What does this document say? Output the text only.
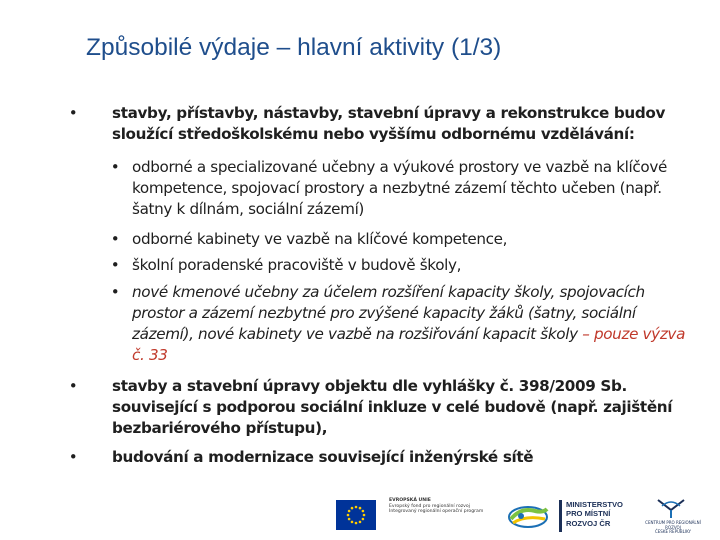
Způsobilé výdaje – hlavní aktivity (1/3)
•	stavby, přístavby, nástavby, stavební úpravy a rekonstrukce budov sloužící středoškolskému nebo vyššímu odbornému vzdělávání:
• odborné a specializované učebny a výukové prostory ve vazbě na klíčové kompetence, spojovací prostory a nezbytné zázemí těchto učeben (např. šatny k dílnám, sociální zázemí)
• odborné kabinety ve vazbě na klíčové kompetence,
• školní poradenské pracoviště v budově školy,
• nové kmenové učebny za účelem rozšíření kapacity školy, spojovacích prostor a zázemí nezbytné pro zvýšené kapacity žáků (šatny, sociální zázemí), nové kabinety ve vazbě na rozšiřování kapacit školy – pouze výzva č. 33
•	stavby a stavební úpravy objektu dle vyhlášky č. 398/2009 Sb. související s podporou sociální inkluze v celé budově (např. zajištění bezbariérového přístupu),
•	budování a modernizace související inženýrské sítě
EVROPSKÁ UNIE
Evropský fond pro regionální rozvoj
Integrovaný regionální operační program
MINISTERSTVO
PRO MÍSTNÍ
ROZVOJ ČR	CENTRUM PRO REGIONÁLNÍ ROZVOJ
ČESKÉ REPUBLIKY
